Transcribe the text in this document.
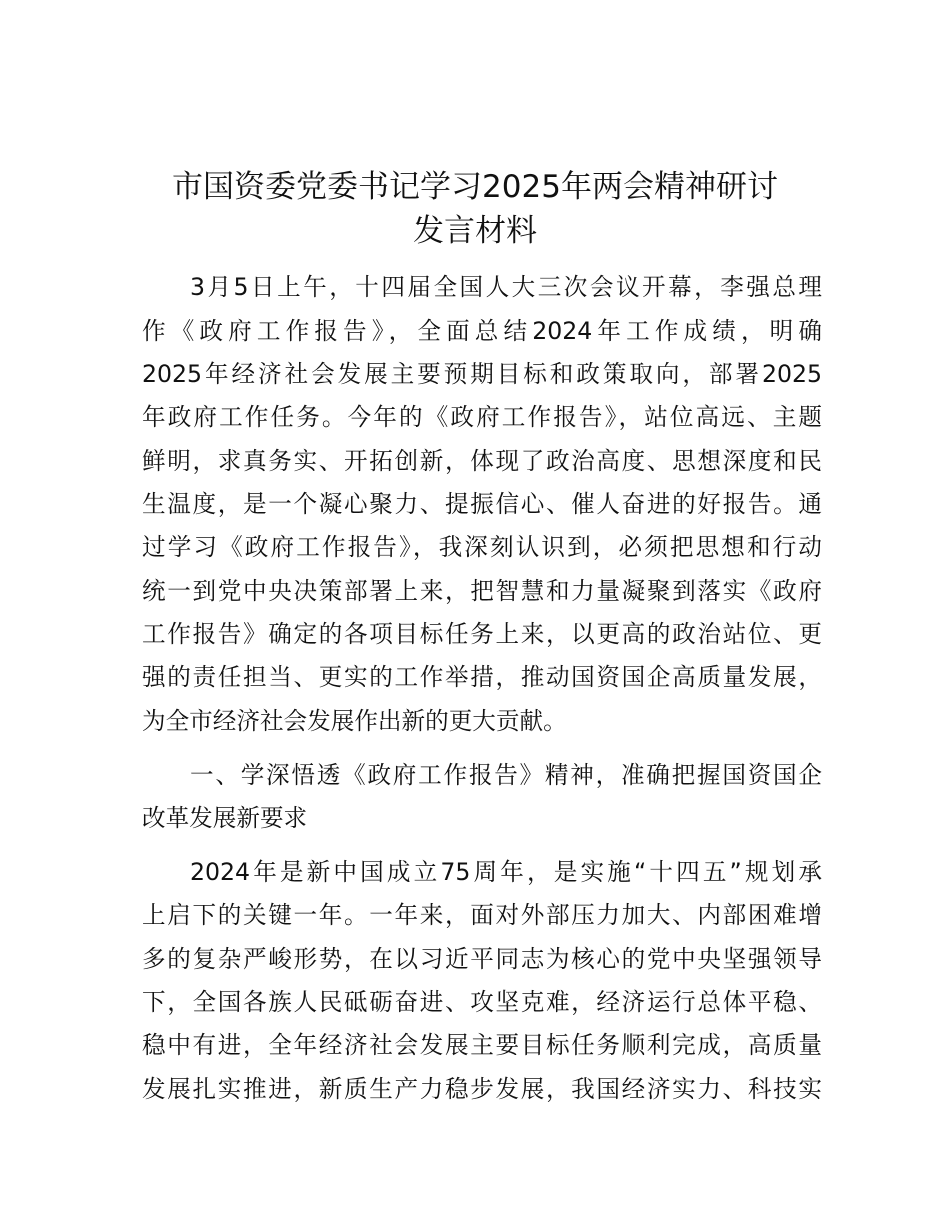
市国资委党委书记学习2025年两会精神研讨
发言材料

3月5日上午，十四届全国人大三次会议开幕，李强总理

作《政府工作报告》，全面总结2024年工作成绩，明确

2025年经济社会发展主要预期目标和政策取向，部署2025

年政府工作任务。今年的《政府工作报告》，站位高远、主题

鲜明，求真务实、开拓创新，体现了政治高度、思想深度和民

生温度，是一个凝心聚力、提振信心、催人奋进的好报告。通

过学习《政府工作报告》，我深刻认识到，必须把思想和行动

统一到党中央决策部署上来，把智慧和力量凝聚到落实《政府

工作报告》确定的各项目标任务上来，以更高的政治站位、更

强的责任担当、更实的工作举措，推动国资国企高质量发展，

为全市经济社会发展作出新的更大贡献。

一、学深悟透《政府工作报告》精神，准确把握国资国企

改革发展新要求

2024年是新中国成立75周年，是实施“十四五”规划承

上启下的关键一年。一年来，面对外部压力加大、内部困难增

多的复杂严峻形势，在以习近平同志为核心的党中央坚强领导

下，全国各族人民砥砺奋进、攻坚克难，经济运行总体平稳、

稳中有进，全年经济社会发展主要目标任务顺利完成，高质量

发展扎实推进，新质生产力稳步发展，我国经济实力、科技实
